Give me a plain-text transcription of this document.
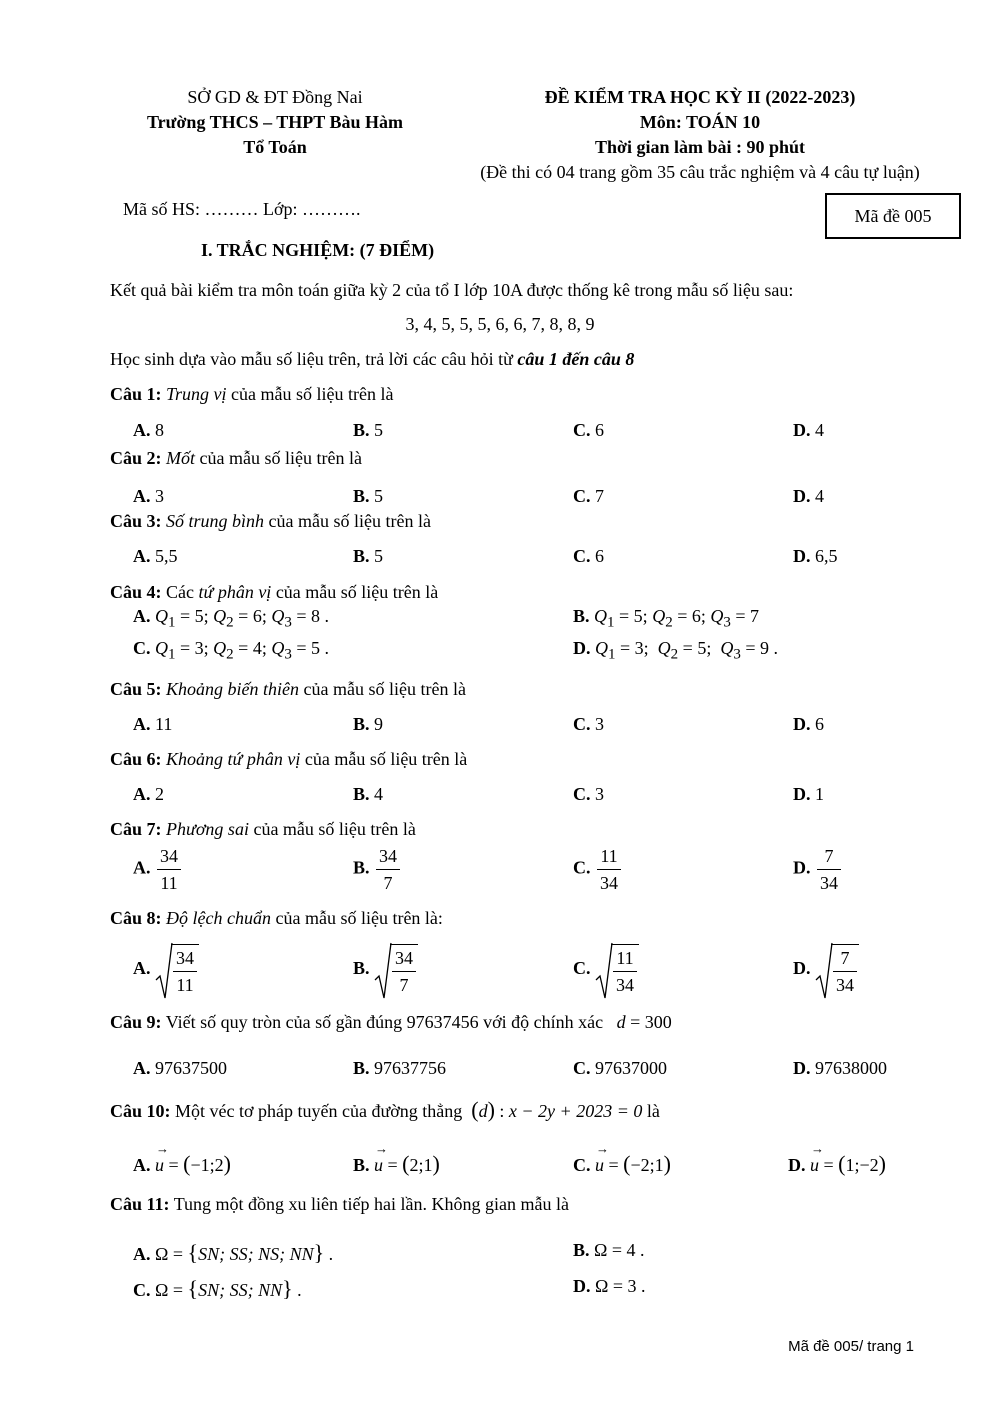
SỞ GD & ĐT Đồng Nai
Trường THCS – THPT Bàu Hàm
Tổ Toán
ĐỀ KIỂM TRA HỌC KỲ II (2022-2023)
Môn: TOÁN 10
Thời gian làm bài : 90 phút
(Đề thi có 04 trang gồm 35 câu trắc nghiệm và 4 câu tự luận)
Mã số HS: ……… Lớp: ……….	Mã đề 005
I. TRẮC NGHIỆM: (7 ĐIỂM)
Kết quả bài kiểm tra môn toán giữa kỳ 2 của tổ I lớp 10A được thống kê trong mẫu số liệu sau:
3, 4, 5, 5, 5, 6, 6, 7, 8, 8, 9
Học sinh dựa vào mẫu số liệu trên, trả lời các câu hỏi từ câu 1 đến câu 8
Câu 1: Trung vị của mẫu số liệu trên là
A. 8	B. 5	C. 6	D. 4
Câu 2: Mốt của mẫu số liệu trên là
A. 3	B. 5	C. 7	D. 4
Câu 3: Số trung bình của mẫu số liệu trên là
A. 5,5	B. 5	C. 6	D. 6,5
Câu 4: Các tứ phân vị của mẫu số liệu trên là
A. $Q_1 = 5$; $Q_2 = 6$; $Q_3 = 8$ .	B. $Q_1 = 5$; $Q_2 = 6$; $Q_3 = 7$
C. $Q_1 = 3$; $Q_2 = 4$; $Q_3 = 5$ .	D. $Q_1 = 3$;  $Q_2 = 5$;  $Q_3 = 9$ .
Câu 5: Khoảng biến thiên của mẫu số liệu trên là
A. 11	B. 9	C. 3	D. 6
Câu 6: Khoảng tứ phân vị của mẫu số liệu trên là
A. 2	B. 4	C. 3	D. 1
Câu 7: Phương sai của mẫu số liệu trên là
A. $\frac{34}{11}$	B. $\frac{34}{7}$	C. $\frac{11}{34}$	D. $\frac{7}{34}$
Câu 8: Độ lệch chuẩn của mẫu số liệu trên là:
A. $\frac{34}{11}$	B. $\frac{34}{7}$	C. $\frac{11}{34}$	D. $\frac{7}{34}$
Câu 9: Viết số quy tròn của số gần đúng 97637456 với độ chính xác   d = 300
A. 97637500	B. 97637756	C. 97637000	D. 97638000
Câu 10: Một véc tơ pháp tuyến của đường thẳng  (d) : x − 2y + 2023 = 0 là
A.
→
u = (−1;2)	B.
→
u = (2;1)	C.
→
u = (−2;1)	D.
→
u = (1;−2)
Câu 11: Tung một đồng xu liên tiếp hai lần. Không gian mẫu là
A. Ω = {SN; SS; NS; NN} .	B. Ω = 4 .
C. Ω = {SN; SS; NN} .	D. Ω = 3 .
Mã đề 005/ trang 1
